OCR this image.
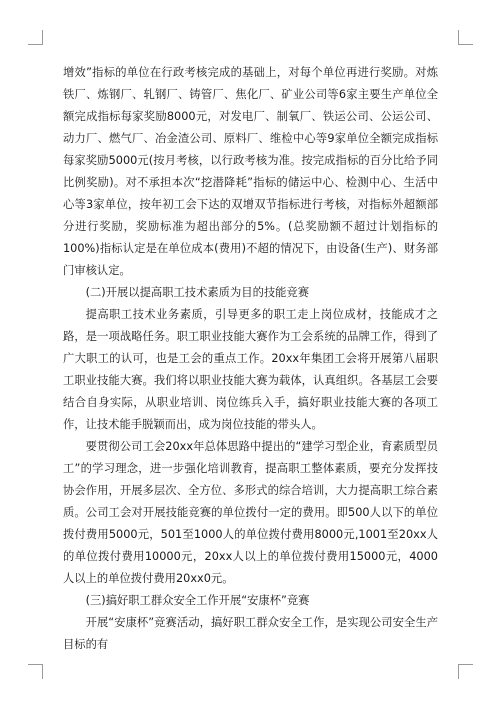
增效”指标的单位在行政考核完成的基础上，对每个单位再进行奖励。对炼铁厂、炼钢厂、轧钢厂、铸管厂、焦化厂、矿业公司等6家主要生产单位全额完成指标每家奖励8000元，对发电厂、制氧厂、铁运公司、公运公司、动力厂、燃气厂、冶金渣公司、原料厂、维检中心等9家单位全额完成指标每家奖励5000元(按月考核，以行政考核为准。按完成指标的百分比给予同比例奖励)。对不承担本次“挖潜降耗”指标的储运中心、检测中心、生活中心等3家单位，按年初工会下达的双增双节指标进行考核，对指标外超额部分进行奖励，奖励标准为超出部分的5%。(总奖励额不超过计划指标的100%)指标认定是在单位成本(费用)不超的情况下，由设备(生产)、财务部门审核认定。

(二)开展以提高职工技术素质为目的技能竞赛

提高职工技术业务素质，引导更多的职工走上岗位成材，技能成才之路，是一项战略任务。职工职业技能大赛作为工会系统的品牌工作，得到了广大职工的认可，也是工会的重点工作。20xx年集团工会将开展第八届职工职业技能大赛。我们将以职业技能大赛为载体，认真组织。各基层工会要结合自身实际，从职业培训、岗位练兵入手，搞好职业技能大赛的各项工作，让技术能手脱颖而出，成为岗位技能的带头人。

要贯彻公司工会20xx年总体思路中提出的“建学习型企业，育素质型员工”的学习理念，进一步强化培训教育，提高职工整体素质，要充分发挥技协会作用，开展多层次、全方位、多形式的综合培训，大力提高职工综合素质。公司工会对开展技能竞赛的单位拨付一定的费用。即500人以下的单位拨付费用5000元，501至1000人的单位拨付费用8000元,1001至20xx人的单位拨付费用10000元，20xx人以上的单位拨付费用15000元，4000人以上的单位拨付费用20xx0元。

(三)搞好职工群众安全工作开展“安康杯”竞赛

开展“安康杯”竞赛活动，搞好职工群众安全工作，是实现公司安全生产目标的有
